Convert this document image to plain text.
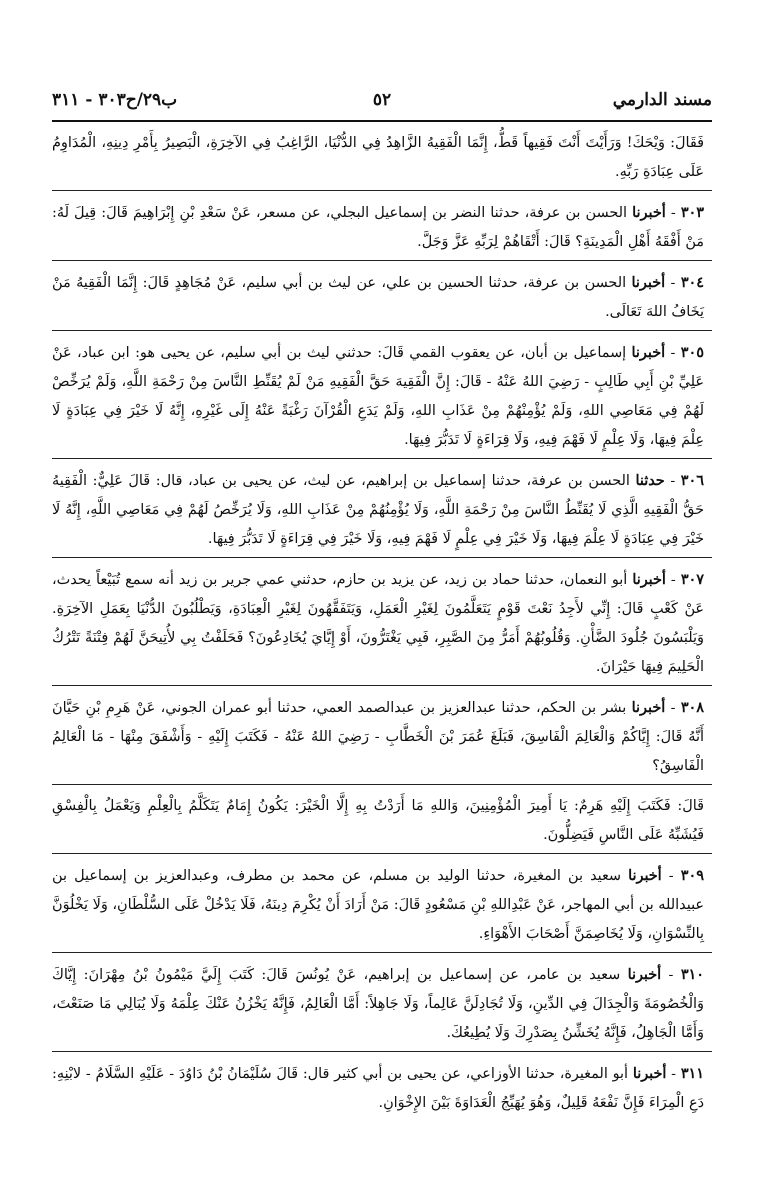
مسند الدارمي
٥٢
ب٢٩/ح٣٠٣ - ٣١١
فَقَالَ: وَيْحَكَ! وَرَأَيْتَ أَنْتَ فَقِيهاً قَطُّ، إِنَّمَا الْفَقِيهُ الزَّاهِدُ فِي الدُّنْيَا، الرَّاغِبُ فِي الآخِرَةِ، الْبَصِيرُ بِأَمْرِ دِينِهِ، الْمُدَاوِمُ عَلَى عِبَادَةِ رَبِّهِ.
٣٠٣ - أخبرنا الحسن بن عرفة، حدثنا النضر بن إسماعيل البجلي، عن مسعر، عَنْ سَعْدِ بْنِ إِبْرَاهِيمَ قَالَ: قِيلَ لَهُ: مَنْ أَفْقَهُ أَهْلِ الْمَدِينَةِ؟ قَالَ: أَتْقَاهُمْ لِرَبِّهِ عَزَّ وَجَلَّ.
٣٠٤ - أخبرنا الحسن بن عرفة، حدثنا الحسين بن علي، عن ليث بن أبي سليم، عَنْ مُجَاهِدٍ قَالَ: إِنَّمَا الْفَقِيهُ مَنْ يَخَافُ اللهَ تَعَالَى.
٣٠٥ - أخبرنا إسماعيل بن أبان، عن يعقوب القمي قَالَ: حدثني ليث بن أبي سليم، عن يحيى هو: ابن عباد، عَنْ عَلِيِّ بْنِ أَبِي طَالِبٍ - رَضِيَ اللهُ عَنْهُ - قَالَ: إِنَّ الْفَقِيهَ حَقَّ الْفَقِيهِ مَنْ لَمْ يُقَنِّطِ النَّاسَ مِنْ رَحْمَةِ اللَّهِ، وَلَمْ يُرَخِّصْ لَهُمْ فِي مَعَاصِي اللهِ، وَلَمْ يُؤْمِنْهُمْ مِنْ عَذَابِ اللهِ، وَلَمْ يَدَعِ الْقُرْآنَ رَغْبَةً عَنْهُ إِلَى غَيْرِهِ، إِنَّهُ لَا خَيْرَ فِي عِبَادَةٍ لَا عِلْمَ فِيهَا، وَلَا عِلْمٍ لَا فَهْمَ فِيهِ، وَلَا قِرَاءَةٍ لَا تَدَبُّرَ فِيهَا.
٣٠٦ - حدثنا الحسن بن عرفة، حدثنا إسماعيل بن إبراهيم، عن ليث، عن يحيى بن عباد، قال: قَالَ عَلِيٌّ: الْفَقِيهُ حَقُّ الْفَقِيهِ الَّذِي لَا يُقَنِّطُ النَّاسَ مِنْ رَحْمَةِ اللَّهِ، وَلَا يُؤْمِنُهُمْ مِنْ عَذَابِ اللهِ، وَلَا يُرَخِّصُ لَهُمْ فِي مَعَاصِي اللَّهِ، إِنَّهُ لَا خَيْرَ فِي عِبَادَةٍ لَا عِلْمَ فِيهَا، وَلَا خَيْرَ فِي عِلْمٍ لَا فَهْمَ فِيهِ، وَلَا خَيْرَ فِي قِرَاءَةٍ لَا تَدَبُّرَ فِيهَا.
٣٠٧ - أخبرنا أبو النعمان، حدثنا حماد بن زيد، عن يزيد بن حازم، حدثني عمي جرير بن زيد أنه سمع تُبَيْعاً يحدث، عَنْ كَعْبٍ قَالَ: إِنِّي لأَجِدُ نَعْتَ قَوْمٍ يَتَعَلَّمُونَ لِغَيْرِ الْعَمَلِ، وَيَتَفَقَّهُونَ لِغَيْرِ الْعِبَادَةِ، وَيَطْلُبُونَ الدُّنْيَا بِعَمَلِ الآخِرَةِ. وَيَلْبَسُونَ جُلُودَ الضَّأْنِ. وَقُلُوبُهُمْ أَمَرُّ مِنَ الصَّبِرِ، فَبِي يَغْتَرُّونَ، أَوْ إِيَّايَ يُخَادِعُونَ؟ فَحَلَفْتُ بِي لأُتِيحَنَّ لَهُمْ فِتْنَةً تَتْرُكُ الْحَلِيمَ فِيهَا حَيْرَانَ.
٣٠٨ - أخبرنا بشر بن الحكم، حدثنا عبدالعزيز بن عبدالصمد العمي، حدثنا أبو عمران الجوني، عَنْ هَرِمِ بْنِ حَيَّانَ أَنَّهُ قَالَ: إِيَّاكُمْ وَالْعَالِمَ الْفَاسِقَ، فَبَلَغَ عُمَرَ بْنَ الْخَطَّابِ - رَضِيَ اللهُ عَنْهُ - فَكَتَبَ إِلَيْهِ - وَأَشْفَقَ مِنْهَا - مَا الْعَالِمُ الْفَاسِقُ؟
قَالَ: فَكَتَبَ إِلَيْهِ هَرِمٌ: يَا أَمِيرَ الْمُؤْمِنِينَ، وَاللهِ مَا أَرَدْتُ بِهِ إِلَّا الْخَيْرَ: يَكُونُ إِمَامٌ يَتَكَلَّمُ بِالْعِلْمِ وَيَعْمَلُ بِالْفِسْقِ فَيُشَبِّهُ عَلَى النَّاسِ فَيَضِلُّونَ.
٣٠٩ - أخبرنا سعيد بن المغيرة، حدثنا الوليد بن مسلم، عن محمد بن مطرف، وعبدالعزيز بن إسماعيل بن عبيدالله بن أبي المهاجر، عَنْ عَبْدِاللهِ بْنِ مَسْعُودٍ قَالَ: مَنْ أَرَادَ أَنْ يُكْرِمَ دِينَهُ، فَلَا يَدْخُلْ عَلَى السُّلْطَانِ، وَلَا يَخْلُوَنَّ بِالنِّسْوَانِ، وَلَا يُخَاصِمَنَّ أَصْحَابَ الأَهْوَاءِ.
٣١٠ - أخبرنا سعيد بن عامر، عن إسماعيل بن إبراهيم، عَنْ يُونُسَ قَالَ: كَتَبَ إِلَيَّ مَيْمُونُ بْنُ مِهْرَانَ: إِيَّاكَ وَالْخُصُومَةَ وَالْجِدَالَ فِي الدِّينِ، وَلَا تُجَادِلَنَّ عَالِماً، وَلَا جَاهِلاً: أَمَّا الْعَالِمُ، فَإِنَّهُ يَخْزُنُ عَنْكَ عِلْمَهُ وَلَا يُبَالِي مَا صَنَعْتَ، وَأَمَّا الْجَاهِلُ، فَإِنَّهُ يُخَشِّنُ بِصَدْرِكَ وَلَا يُطِيعُكَ.
٣١١ - أخبرنا أبو المغيرة، حدثنا الأوزاعي، عن يحيى بن أبي كثير قال: قَالَ سُلَيْمَانُ بْنُ دَاوُدَ - عَلَيْهِ السَّلَامُ - لابْنِهِ: دَعِ الْمِرَاءَ فَإِنَّ نَفْعَهُ قَلِيلٌ، وَهُوَ يُهَيِّجُ الْعَدَاوَةَ بَيْنَ الإِخْوَانِ.
